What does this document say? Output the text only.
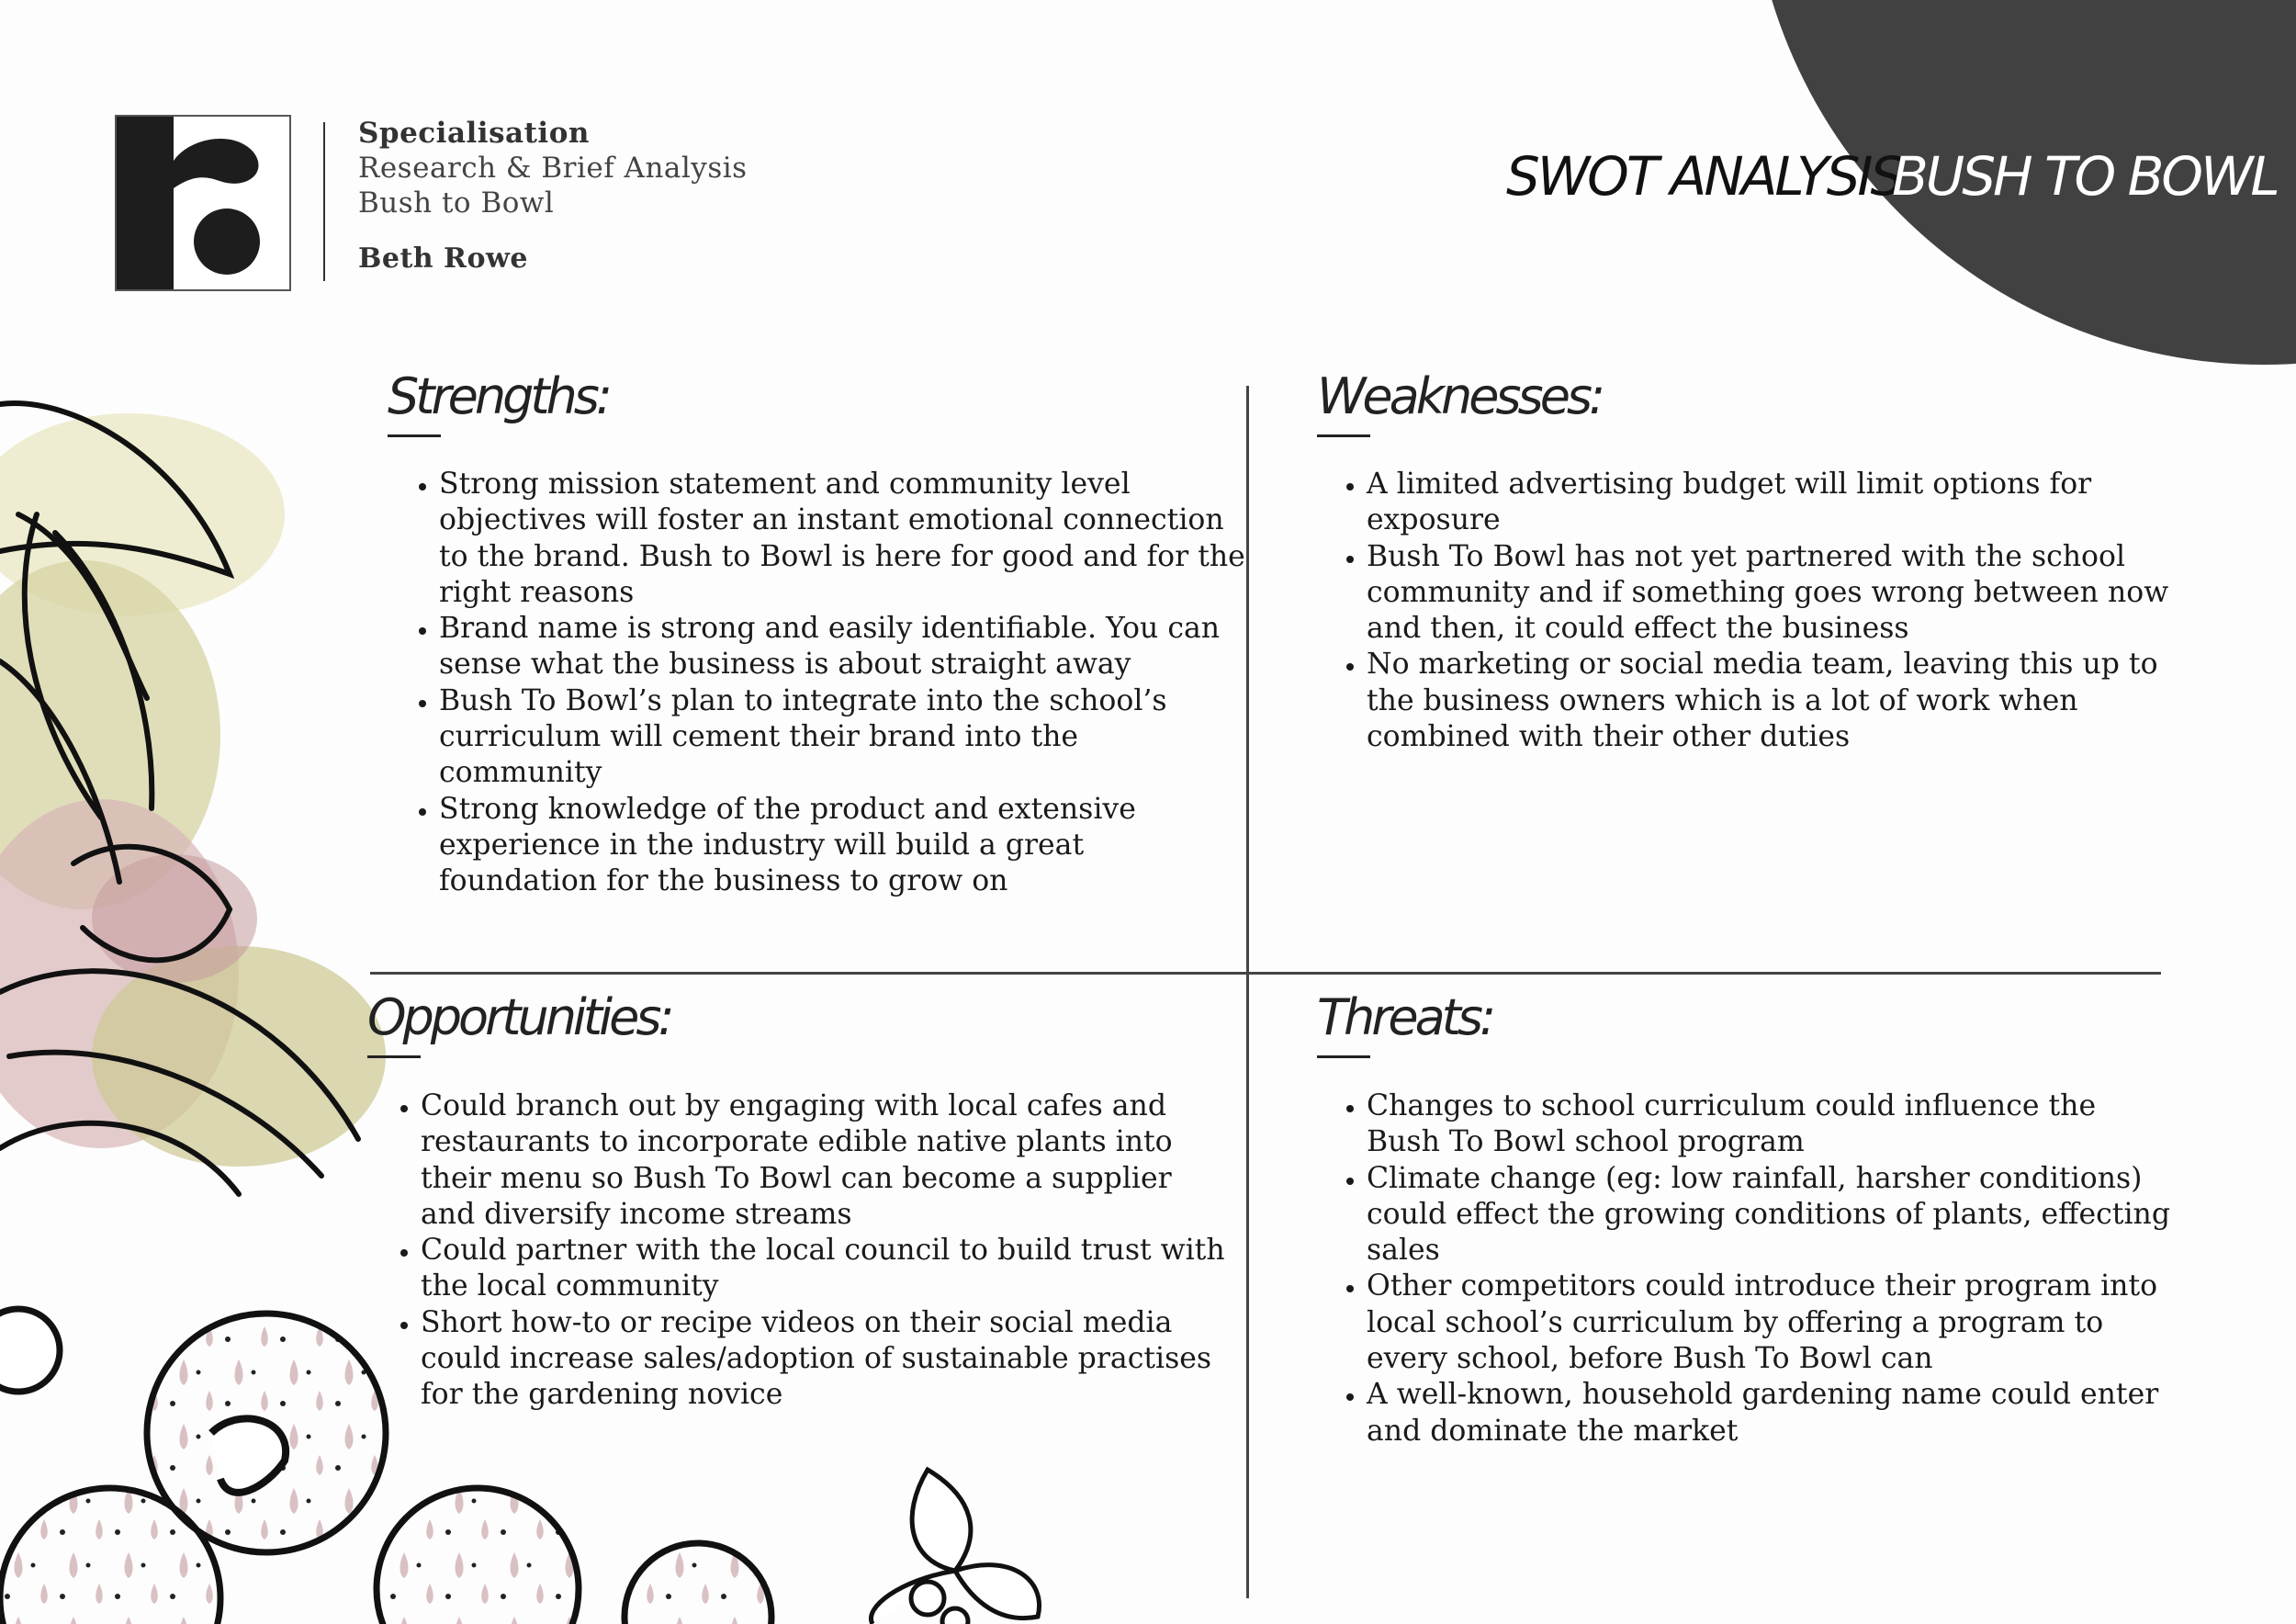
SWOT ANALYSIS
BUSH TO BOWL
Specialisation
Research & Brief Analysis
Bush to Bowl
Beth Rowe
Strengths:
• Strong mission statement and community level objectives will foster an instant emotional connection to the brand. Bush to Bowl is here for good and for the right reasons
• Brand name is strong and easily identifiable. You can sense what the business is about straight away
• Bush To Bowl’s plan to integrate into the school’s curriculum will cement their brand into the community
• Strong knowledge of the product and extensive experience in the industry will build a great foundation for the business to grow on
Weaknesses:
• A limited advertising budget will limit options for exposure
• Bush To Bowl has not yet partnered with the school community and if something goes wrong between now and then, it could effect the business
• No marketing or social media team, leaving this up to the business owners which is a lot of work when combined with their other duties
Opportunities:
• Could branch out by engaging with local cafes and restaurants to incorporate edible native plants into their menu so Bush To Bowl can become a supplier and diversify income streams
• Could partner with the local council to build trust with the local community
• Short how-to or recipe videos on their social media could increase sales/adoption of sustainable practises for the gardening novice
Threats:
• Changes to school curriculum could influence the Bush To Bowl school program
• Climate change (eg: low rainfall, harsher conditions) could effect the growing conditions of plants, effecting sales
• Other competitors could introduce their program into local school’s curriculum by offering a program to every school, before Bush To Bowl can
• A well-known, household gardening name could enter and dominate the market
